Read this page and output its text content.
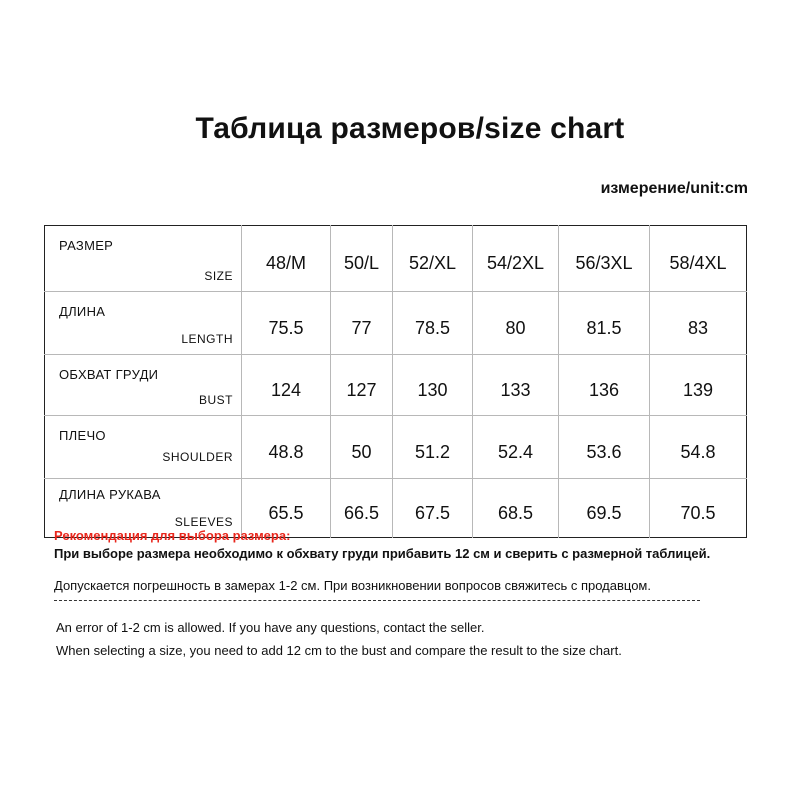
Таблица размеров/size chart
измерение/unit:cm
РАЗМЕР
SIZE	48/M	50/L	52/XL	54/2XL	56/3XL	58/4XL

ДЛИНА
LENGTH	75.5	77	78.5	80	81.5	83

ОБХВАТ ГРУДИ
BUST	124	127	130	133	136	139

ПЛЕЧО
SHOULDER	48.8	50	51.2	52.4	53.6	54.8

ДЛИНА РУКАВА
SLEEVES	65.5	66.5	67.5	68.5	69.5	70.5
Рекомендация для выбора размера:
При выборе размера необходимо к обхвату груди прибавить 12 см и сверить с размерной таблицей.
Допускается погрешность в замерах 1-2 см. При возникновении вопросов свяжитесь с продавцом.
An error of 1-2 cm is allowed. If you have any questions, contact the seller.
When selecting a size, you need to add 12 cm to the bust and compare the result to the size chart.
